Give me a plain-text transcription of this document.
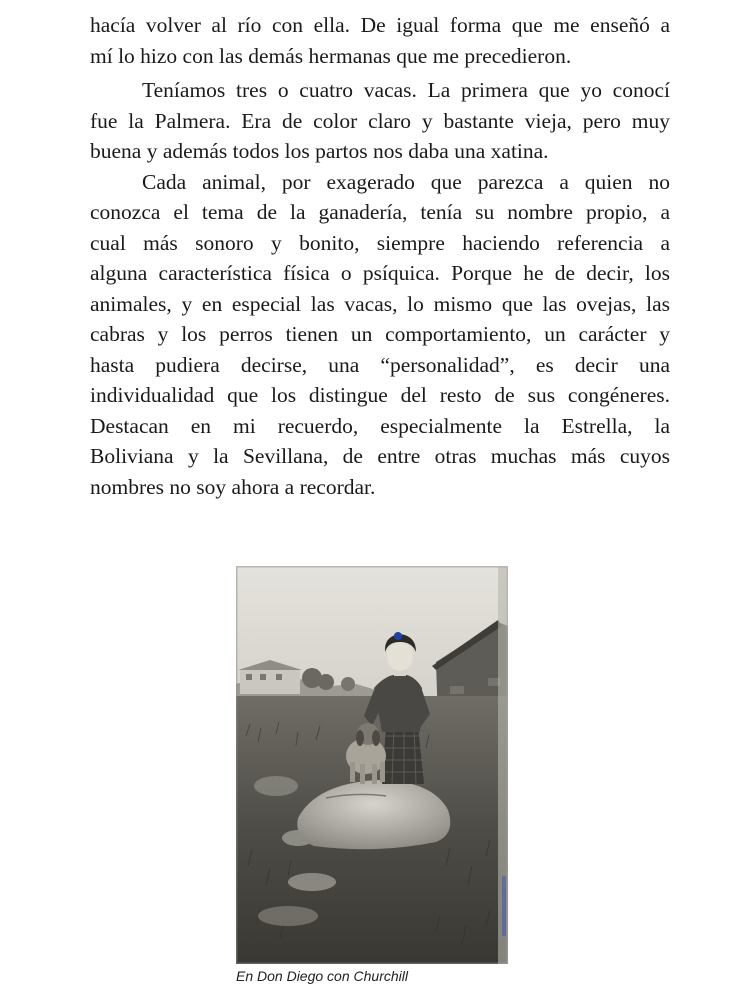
hacía volver al río con ella. De igual forma que me enseñó a
mí lo hizo con las demás hermanas que me precedieron.
Teníamos tres o cuatro vacas. La primera que yo conocí
fue la Palmera. Era de color claro y bastante vieja, pero muy
buena y además todos los partos nos daba una xatina.
Cada animal, por exagerado que parezca a quien no
conozca el tema de la ganadería, tenía su nombre propio, a
cual más sonoro y bonito, siempre haciendo referencia a
alguna característica física o psíquica. Porque he de decir, los
animales, y en especial las vacas, lo mismo que las ovejas, las
cabras y los perros tienen un comportamiento, un carácter y
hasta pudiera decirse, una “personalidad”, es decir una
individualidad que los distingue del resto de sus congéneres.
Destacan en mi recuerdo, especialmente la Estrella, la
Boliviana y la Sevillana, de entre otras muchas más cuyos
nombres no soy ahora a recordar.
En Don Diego con Churchill
